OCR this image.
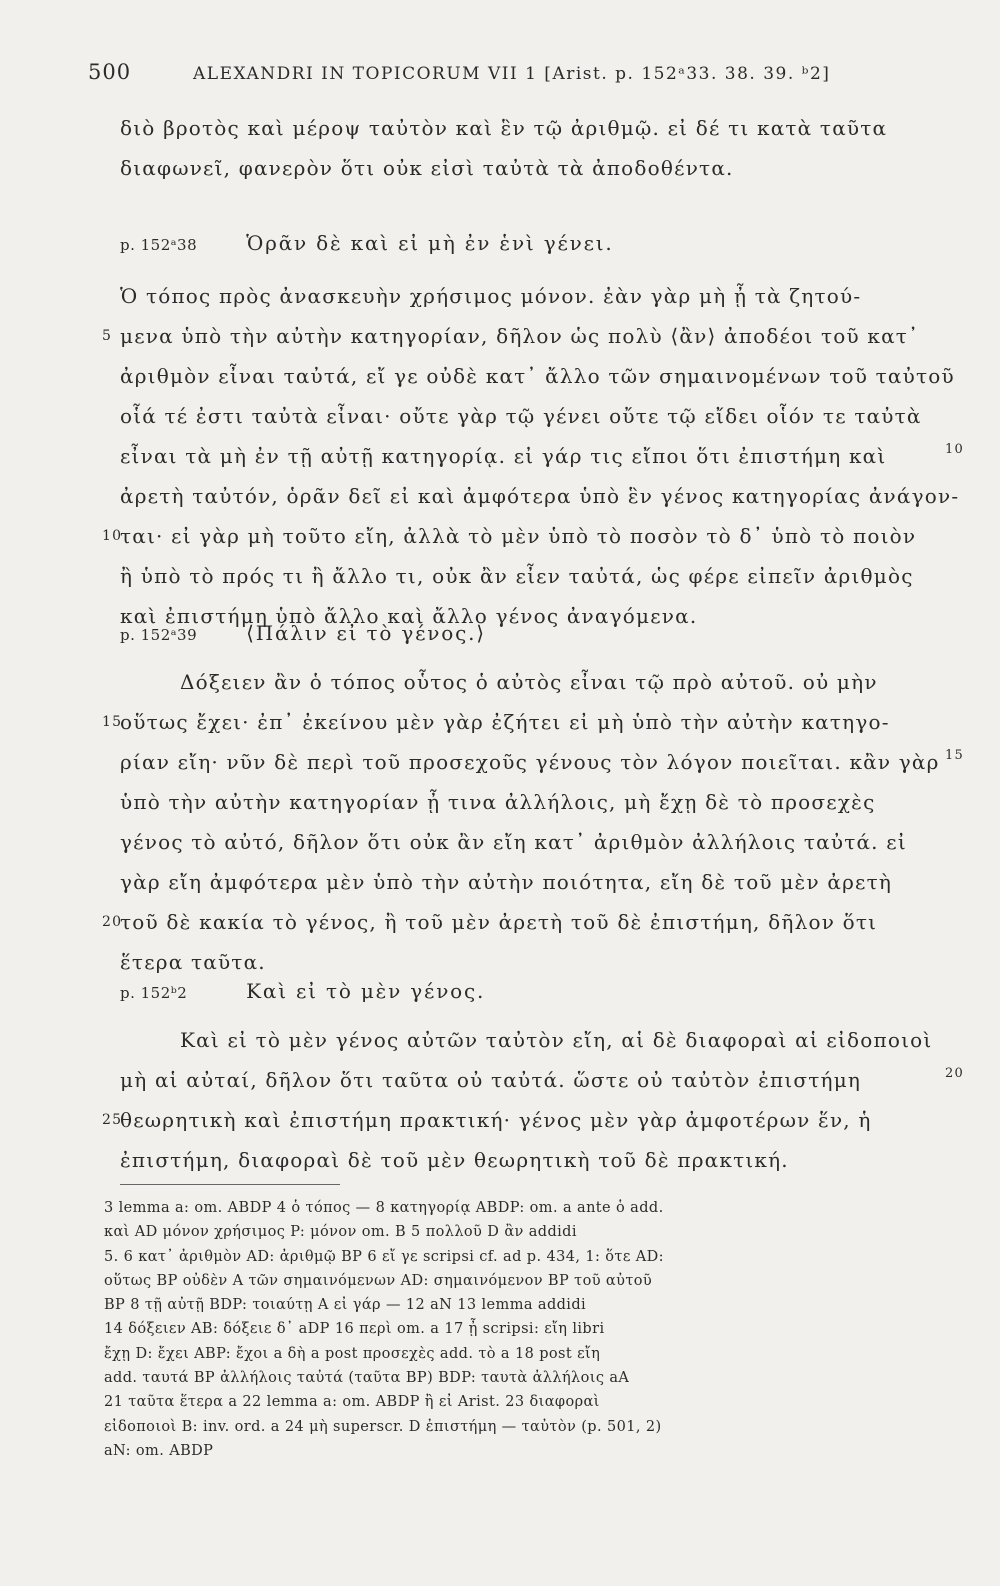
500	ALEXANDRI IN TOPICORUM VII 1 [Arist. p. 152ᵃ33. 38. 39. ᵇ2]
διὸ βροτὸς καὶ μέροψ ταὐτὸν καὶ ἓν τῷ ἀριθμῷ. εἰ δέ τι κατὰ ταῦτα
διαφωνεῖ, φανερὸν ὅτι οὐκ εἰσὶ ταὐτὰ τὰ ἀποδοθέντα.
p. 152ᵃ38 Ὁρᾶν δὲ καὶ εἰ μὴ ἐν ἑνὶ γένει.
Ὁ τόπος πρὸς ἀνασκευὴν χρήσιμος μόνον. ἐὰν γὰρ μὴ ᾖ τὰ ζητού-
5 μενα ὑπὸ τὴν αὐτὴν κατηγορίαν, δῆλον ὡς πολὺ ⟨ἂν⟩ ἀποδέοι τοῦ κατ᾽
ἀριθμὸν εἶναι ταὐτά, εἴ γε οὐδὲ κατ᾽ ἄλλο τῶν σημαινομένων τοῦ ταὐτοῦ
οἷά τέ ἐστι ταὐτὰ εἶναι· οὔτε γὰρ τῷ γένει οὔτε τῷ εἴδει οἷόν τε ταὐτὰ
εἶναι τὰ μὴ ἐν τῇ αὐτῇ κατηγορίᾳ. εἰ γάρ τις εἴποι ὅτι ἐπιστήμη καὶ	10
ἀρετὴ ταὐτόν, ὁρᾶν δεῖ εἰ καὶ ἀμφότερα ὑπὸ ἓν γένος κατηγορίας ἀνάγον-
10
ται· εἰ γὰρ μὴ τοῦτο εἴη, ἀλλὰ τὸ μὲν ὑπὸ τὸ ποσὸν τὸ δ᾽ ὑπὸ τὸ ποιὸν
ἢ ὑπὸ τὸ πρός τι ἢ ἄλλο τι, οὐκ ἂν εἶεν ταὐτά, ὡς φέρε εἰπεῖν ἀριθμὸς
καὶ ἐπιστήμη ὑπὸ ἄλλο καὶ ἄλλο γένος ἀναγόμενα.
p. 152ᵃ39 ⟨Πάλιν εἰ τὸ γένος.⟩
Δόξειεν ἂν ὁ τόπος οὗτος ὁ αὐτὸς εἶναι τῷ πρὸ αὐτοῦ. οὐ μὴν
15
οὕτως ἔχει· ἐπ᾽ ἐκείνου μὲν γὰρ ἐζήτει εἰ μὴ ὑπὸ τὴν αὐτὴν κατηγο-
ρίαν εἴη· νῦν δὲ περὶ τοῦ προσεχοῦς γένους τὸν λόγον ποιεῖται. κἂν γὰρ 15
ὑπὸ τὴν αὐτὴν κατηγορίαν ᾖ τινα ἀλλήλοις, μὴ ἔχῃ δὲ τὸ προσεχὲς
γένος τὸ αὐτό, δῆλον ὅτι οὐκ ἂν εἴη κατ᾽ ἀριθμὸν ἀλλήλοις ταὐτά. εἰ
γὰρ εἴη ἀμφότερα μὲν ὑπὸ τὴν αὐτὴν ποιότητα, εἴη δὲ τοῦ μὲν ἀρετὴ
20
τοῦ δὲ κακία τὸ γένος, ἢ τοῦ μὲν ἀρετὴ τοῦ δὲ ἐπιστήμη, δῆλον ὅτι
ἕτερα ταῦτα.
p. 152ᵇ2	Καὶ εἰ τὸ μὲν γένος.
Καὶ εἰ τὸ μὲν γένος αὐτῶν ταὐτὸν εἴη, αἱ δὲ διαφοραὶ αἱ εἰδοποιοὶ
μὴ αἱ αὐταί, δῆλον ὅτι ταῦτα οὐ ταὐτά. ὥστε οὐ ταὐτὸν ἐπιστήμη	20
25
θεωρητικὴ καὶ ἐπιστήμη πρακτική· γένος μὲν γὰρ ἀμφοτέρων ἕν, ἡ
ἐπιστήμη, διαφοραὶ δὲ τοῦ μὲν θεωρητικὴ τοῦ δὲ πρακτική.
3 lemma a: om. ABDP 4 ὁ τόπος — 8 κατηγορίᾳ ABDP: om. a ante ὁ add.
καὶ AD μόνον χρήσιμος P: μόνον om. B 5 πολλοῦ D ἂν addidi
5. 6 κατ᾽ ἀριθμὸν AD: ἀριθμῷ BP 6 εἴ γε scripsi cf. ad p. 434, 1: ὅτε AD:
οὕτως BP οὐδὲν A τῶν σημαινόμενων AD: σημαινόμενον BP τοῦ αὐτοῦ
BP 8 τῇ αὐτῇ BDP: τοιαύτῃ A εἰ γάρ — 12 aN 13 lemma addidi
14 δόξειεν AB: δόξειε δ᾽ aDP 16 περὶ om. a 17 ᾖ scripsi: εἴη libri
ἔχῃ D: ἔχει ABP: ἔχοι a δὴ a post προσεχὲς add. τὸ a 18 post εἴη
add. ταυτά BP ἀλλήλοις ταὐτά (ταῦτα BP) BDP: ταυτὰ ἀλλήλοις aA
21 ταῦτα ἕτερα a 22 lemma a: om. ABDP ἢ εἰ Arist. 23 διαφοραὶ
εἰδοποιοὶ B: inv. ord. a 24 μὴ superscr. D ἐπιστήμη — ταὐτὸν (p. 501, 2)
aN: om. ABDP
